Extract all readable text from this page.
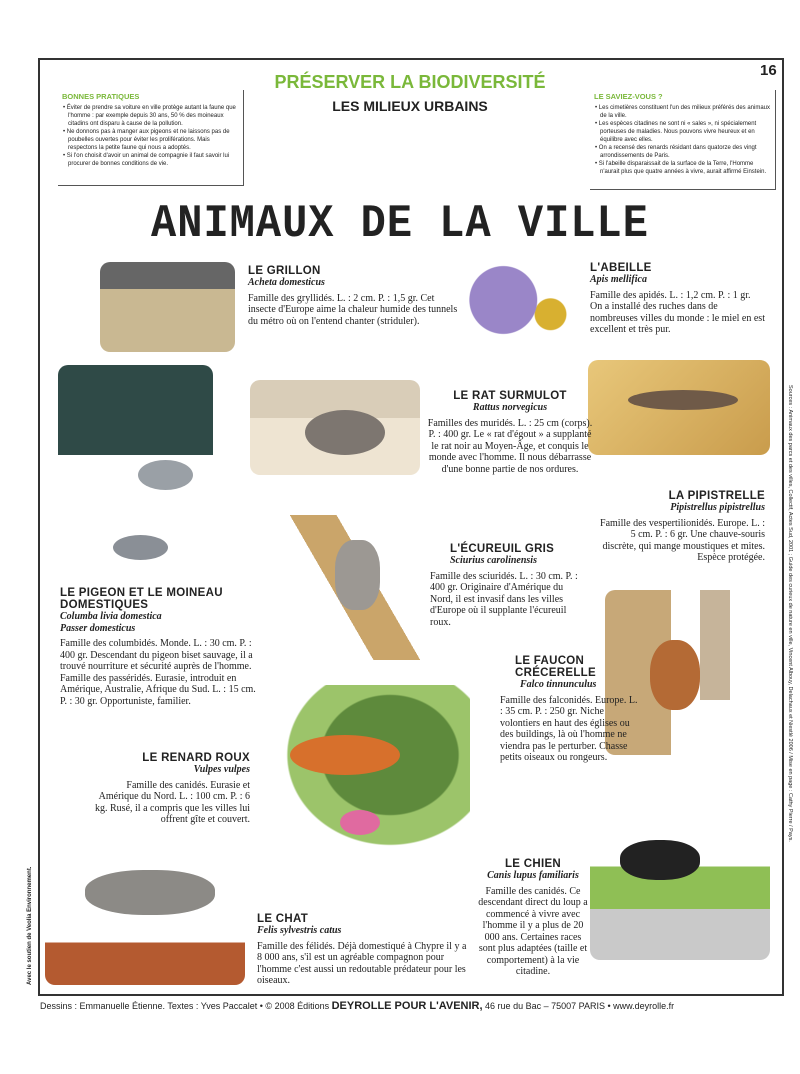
16
PRÉSERVER LA BIODIVERSITÉ
LES MILIEUX URBAINS
BONNES PRATIQUES
• Éviter de prendre sa voiture en ville protège autant la faune que l'homme : par exemple depuis 30 ans, 50 % des moineaux citadins ont disparu à cause de la pollution.
• Ne donnons pas à manger aux pigeons et ne laissons pas de poubelles ouvertes pour éviter les proliférations. Mais respectons la petite faune qui nous a adoptés.
• Si l'on choisit d'avoir un animal de compagnie il faut savoir lui procurer de bonnes conditions de vie.
LE SAVIEZ-VOUS ?
• Les cimetières constituent l'un des milieux préférés des animaux de la ville.
• Les espèces citadines ne sont ni « sales », ni spécialement porteuses de maladies. Nous pouvons vivre heureux et en équilibre avec elles.
• On a recensé des renards résidant dans quatorze des vingt arrondissements de Paris.
• Si l'abeille disparaissait de la surface de la Terre, l'Homme n'aurait plus que quatre années à vivre, aurait affirmé Einstein.
ANIMAUX DE LA VILLE
LE GRILLON
Acheta domesticus

Famille des gryllidés. L. : 2 cm. P. : 1,5 gr. Cet insecte d'Europe aime la chaleur humide des tunnels du métro où on l'entend chanter (striduler).

L'ABEILLE
Apis mellifica

Famille des apidés. L. : 1,2 cm. P. : 1 gr. On a installé des ruches dans de nombreuses villes du monde : le miel en est excellent et très pur.

LE RAT SURMULOT
Rattus norvegicus

Familles des muridés. L. : 25 cm (corps). P. : 400 gr. Le « rat d'égout » a supplanté le rat noir au Moyen-Âge, et conquis le monde avec l'homme. Il nous débarrasse d'une bonne partie de nos ordures.

LA PIPISTRELLE
Pipistrellus pipistrellus

Famille des vespertilionidés. Europe. L. : 5 cm. P. : 6 gr. Une chauve-souris discrète, qui mange moustiques et mites. Espèce protégée.

L'ÉCUREUIL GRIS
Sciurius carolinensis

Famille des sciuridés. L. : 30 cm. P. : 400 gr. Originaire d'Amérique du Nord, il est invasif dans les villes d'Europe où il supplante l'écureuil roux.

LE PIGEON ET LE MOINEAU DOMESTIQUES
Columba livia domestica
Passer domesticus

Famille des columbidés. Monde. L. : 30 cm. P. : 400 gr. Descendant du pigeon biset sauvage, il a trouvé nourriture et sécurité auprès de l'homme. Famille des passéridés. Eurasie, introduit en Amérique, Australie, Afrique du Sud. L. : 15 cm. P. : 30 gr. Opportuniste, familier.

LE FAUCON CRÉCERELLE
Falco tinnunculus

Famille des falconidés. Europe. L. : 35 cm. P. : 250 gr. Niche volontiers en haut des églises ou des buildings, là où l'homme ne viendra pas le perturber. Chasse petits oiseaux ou rongeurs.

LE RENARD ROUX
Vulpes vulpes

Famille des canidés. Eurasie et Amérique du Nord. L. : 100 cm. P. : 6 kg. Rusé, il a compris que les villes lui offrent gîte et couvert.

LE CHIEN
Canis lupus familiaris

Famille des canidés. Ce descendant direct du loup a commencé à vivre avec l'homme il y a plus de 20 000 ans. Certaines races sont plus adaptées (taille et comportement) à la vie citadine.

LE CHAT
Felis sylvestris catus

Famille des félidés. Déjà domestiqué à Chypre il y a 8 000 ans, s'il est un agréable compagnon pour l'homme c'est aussi un redoutable prédateur pour les oiseaux.

Avec le soutien de Veolia Environnement.
Sources : Animaux des parcs et des villes, Collectif, Actes Sud, 2001 ; Guide des curieux de nature en ville, Vincent Albouy, Delachaux et Niestlé 2006 / Mise en page : Cathy Pierre / Pays.
Dessins : Emmanuelle Étienne. Textes : Yves Paccalet • © 2008 Éditions DEYROLLE POUR L'AVENIR, 46 rue du Bac – 75007 PARIS • www.deyrolle.fr
